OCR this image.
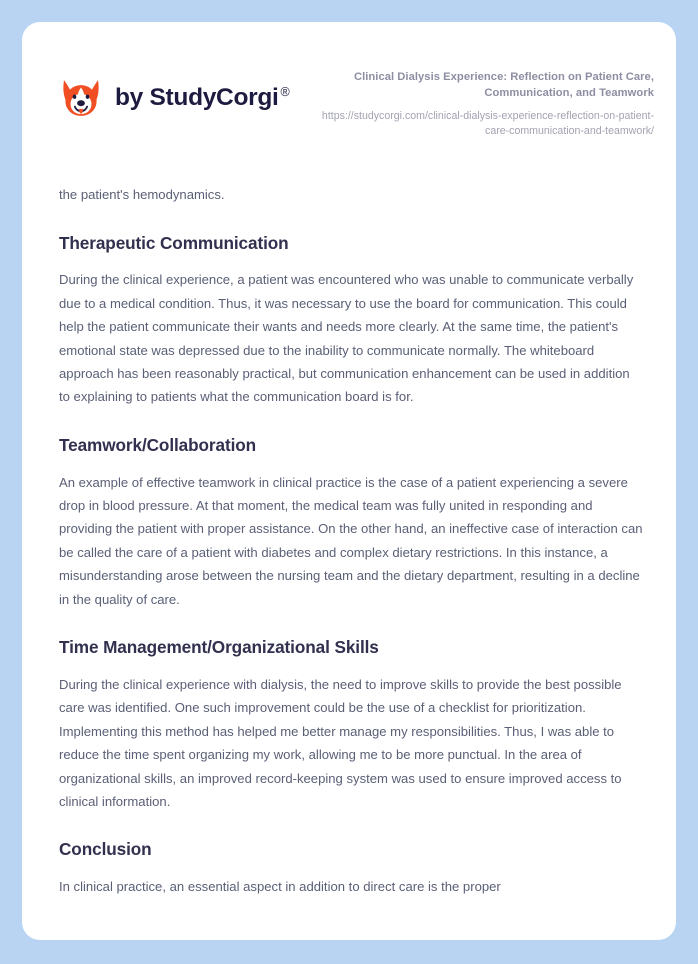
by StudyCorgi ®

Clinical Dialysis Experience: Reflection on Patient Care, Communication, and Teamwork

https://studycorgi.com/clinical-dialysis-experience-reflection-on-patient-care-communication-and-teamwork/

the patient's hemodynamics.

Therapeutic Communication

During the clinical experience, a patient was encountered who was unable to communicate verbally due to a medical condition. Thus, it was necessary to use the board for communication. This could help the patient communicate their wants and needs more clearly. At the same time, the patient's emotional state was depressed due to the inability to communicate normally. The whiteboard approach has been reasonably practical, but communication enhancement can be used in addition to explaining to patients what the communication board is for.

Teamwork/Collaboration

An example of effective teamwork in clinical practice is the case of a patient experiencing a severe drop in blood pressure. At that moment, the medical team was fully united in responding and providing the patient with proper assistance. On the other hand, an ineffective case of interaction can be called the care of a patient with diabetes and complex dietary restrictions. In this instance, a misunderstanding arose between the nursing team and the dietary department, resulting in a decline in the quality of care.

Time Management/Organizational Skills

During the clinical experience with dialysis, the need to improve skills to provide the best possible care was identified. One such improvement could be the use of a checklist for prioritization. Implementing this method has helped me better manage my responsibilities. Thus, I was able to reduce the time spent organizing my work, allowing me to be more punctual. In the area of organizational skills, an improved record-keeping system was used to ensure improved access to clinical information.

Conclusion

In clinical practice, an essential aspect in addition to direct care is the proper
